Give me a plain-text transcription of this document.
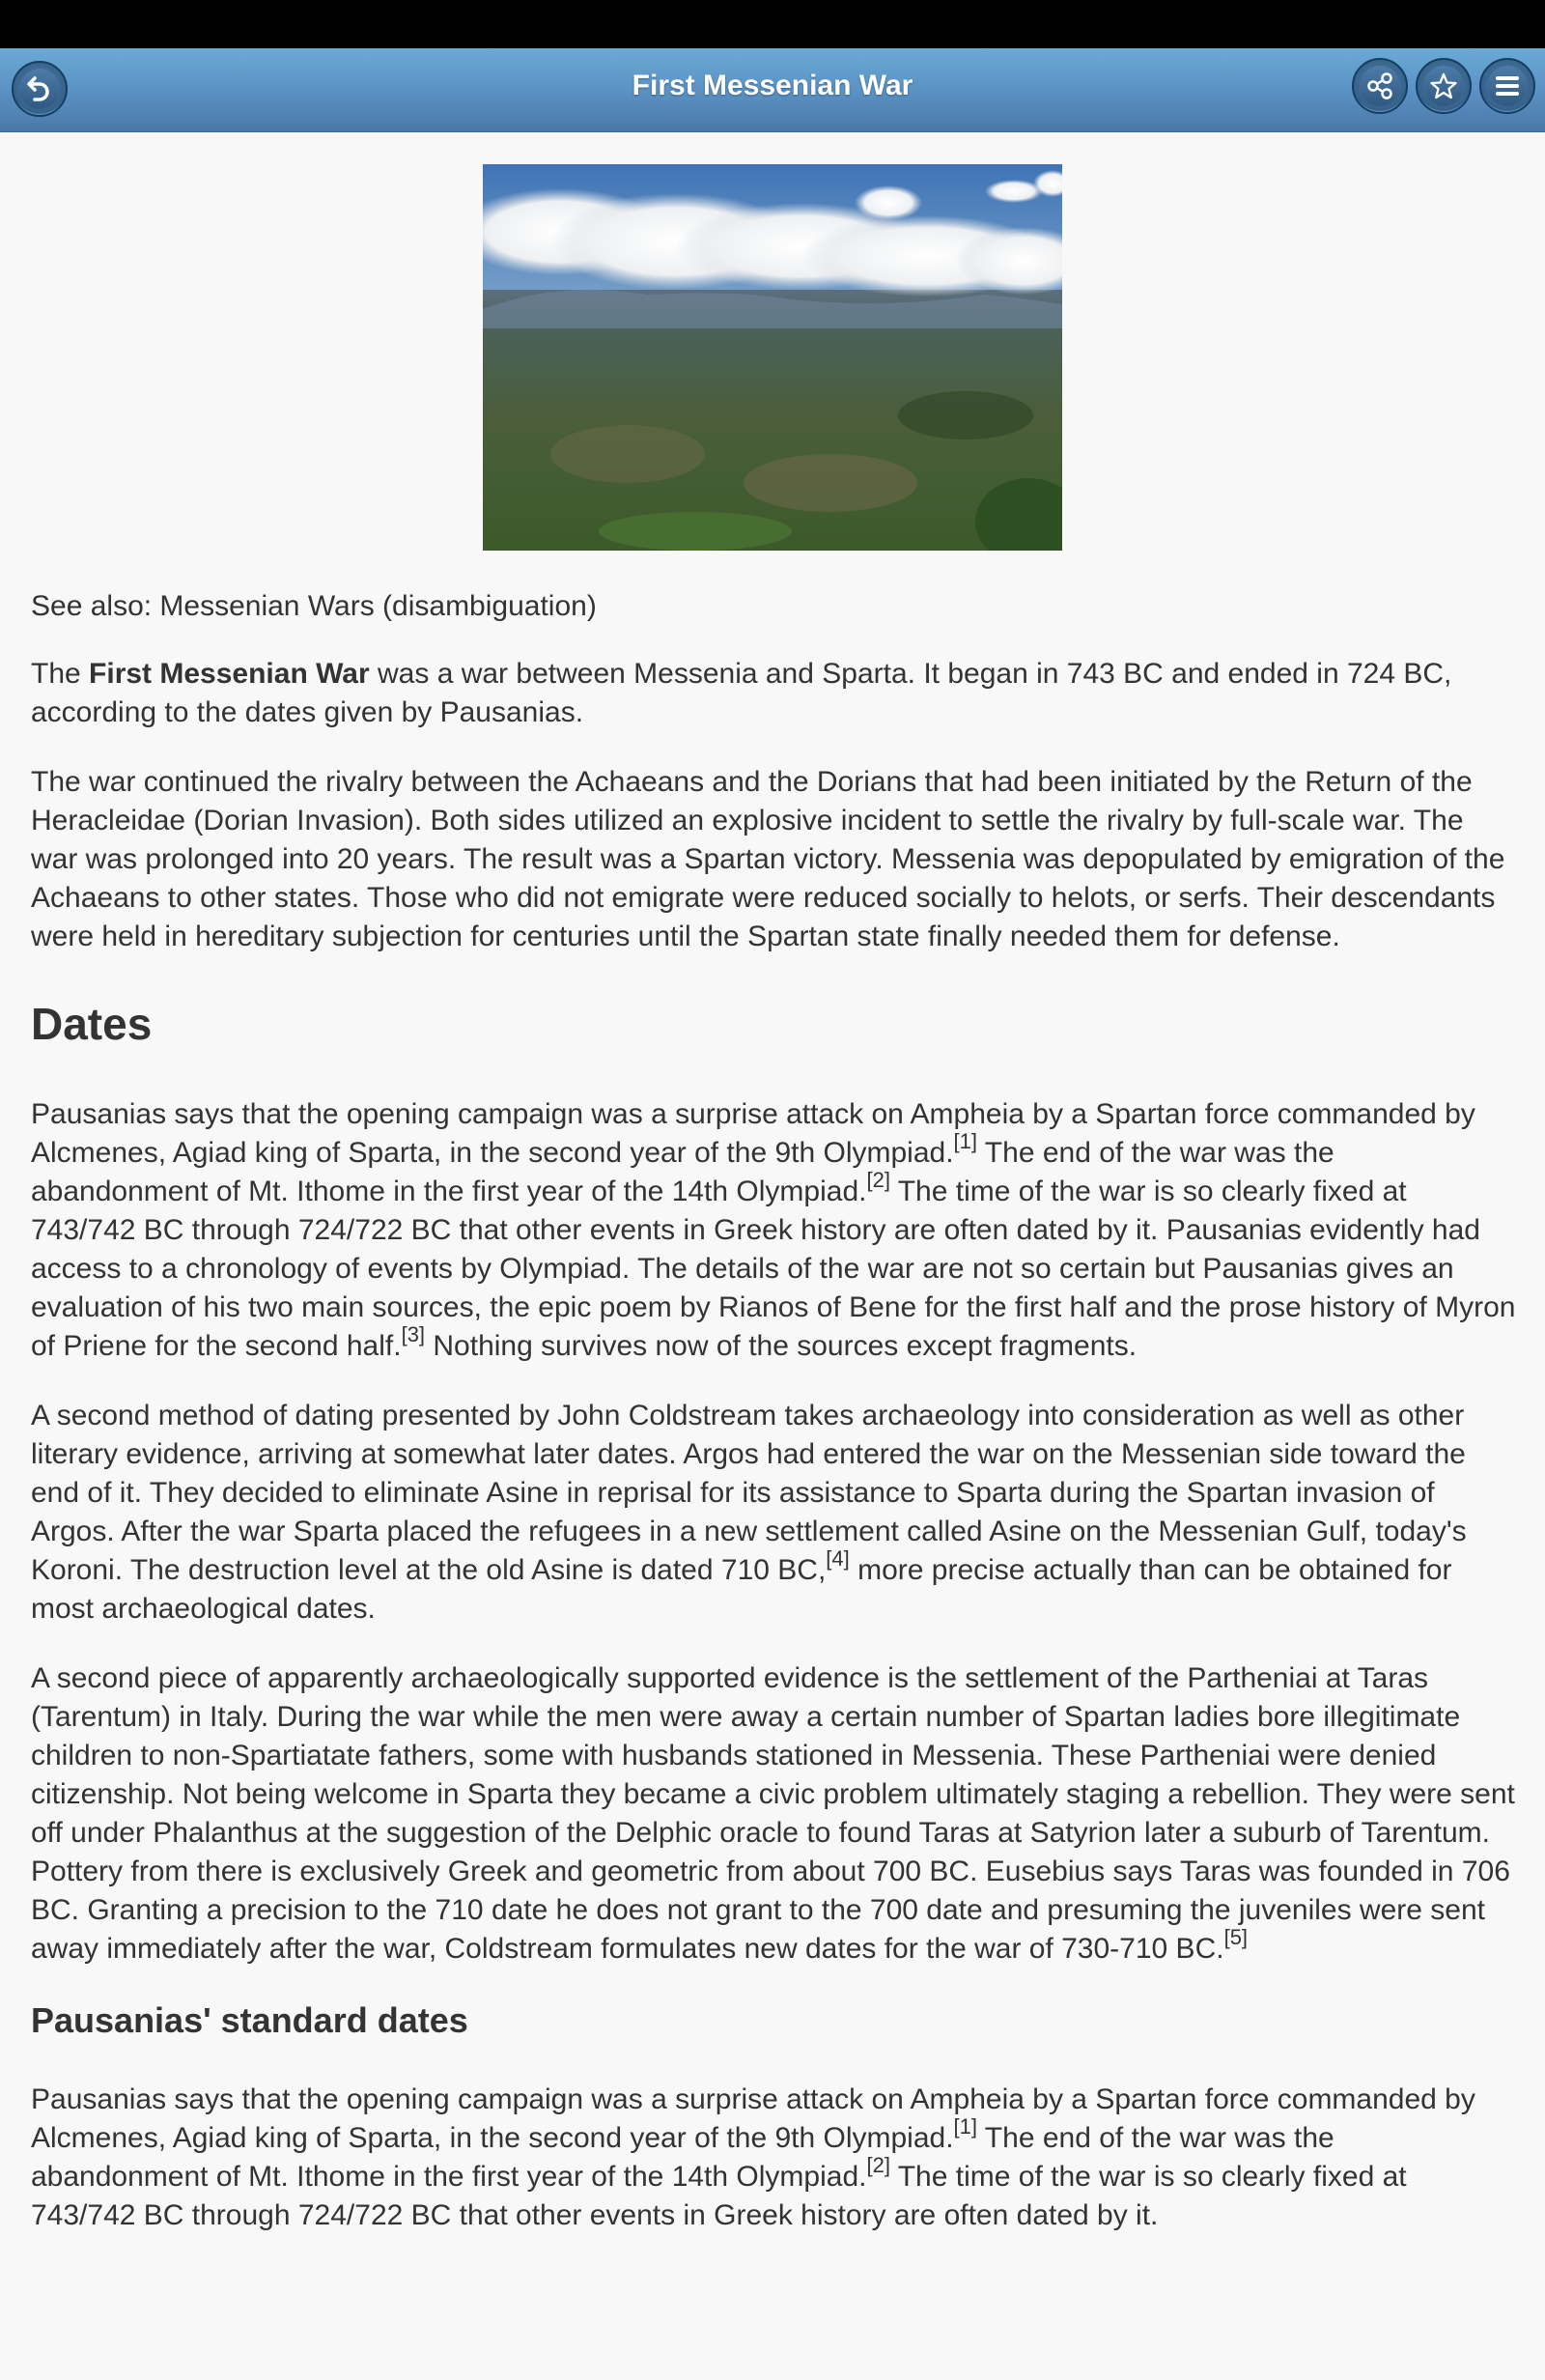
First Messenian War

See also: Messenian Wars (disambiguation)

The First Messenian War was a war between Messenia and Sparta. It began in 743 BC and ended in 724 BC, according to the dates given by Pausanias.

The war continued the rivalry between the Achaeans and the Dorians that had been initiated by the Return of the Heracleidae (Dorian Invasion). Both sides utilized an explosive incident to settle the rivalry by full-scale war. The war was prolonged into 20 years. The result was a Spartan victory. Messenia was depopulated by emigration of the Achaeans to other states. Those who did not emigrate were reduced socially to helots, or serfs. Their descendants were held in hereditary subjection for centuries until the Spartan state finally needed them for defense.

Dates

Pausanias says that the opening campaign was a surprise attack on Ampheia by a Spartan force commanded by Alcmenes, Agiad king of Sparta, in the second year of the 9th Olympiad.[1] The end of the war was the abandonment of Mt. Ithome in the first year of the 14th Olympiad.[2] The time of the war is so clearly fixed at 743/742 BC through 724/722 BC that other events in Greek history are often dated by it. Pausanias evidently had access to a chronology of events by Olympiad. The details of the war are not so certain but Pausanias gives an evaluation of his two main sources, the epic poem by Rianos of Bene for the first half and the prose history of Myron of Priene for the second half.[3] Nothing survives now of the sources except fragments.

A second method of dating presented by John Coldstream takes archaeology into consideration as well as other literary evidence, arriving at somewhat later dates. Argos had entered the war on the Messenian side toward the end of it. They decided to eliminate Asine in reprisal for its assistance to Sparta during the Spartan invasion of Argos. After the war Sparta placed the refugees in a new settlement called Asine on the Messenian Gulf, today's Koroni. The destruction level at the old Asine is dated 710 BC,[4] more precise actually than can be obtained for most archaeological dates.

A second piece of apparently archaeologically supported evidence is the settlement of the Partheniai at Taras (Tarentum) in Italy. During the war while the men were away a certain number of Spartan ladies bore illegitimate children to non-Spartiatate fathers, some with husbands stationed in Messenia. These Partheniai were denied citizenship. Not being welcome in Sparta they became a civic problem ultimately staging a rebellion. They were sent off under Phalanthus at the suggestion of the Delphic oracle to found Taras at Satyrion later a suburb of Tarentum. Pottery from there is exclusively Greek and geometric from about 700 BC. Eusebius says Taras was founded in 706 BC. Granting a precision to the 710 date he does not grant to the 700 date and presuming the juveniles were sent away immediately after the war, Coldstream formulates new dates for the war of 730-710 BC.[5]

Pausanias' standard dates

Pausanias says that the opening campaign was a surprise attack on Ampheia by a Spartan force commanded by Alcmenes, Agiad king of Sparta, in the second year of the 9th Olympiad.[1] The end of the war was the abandonment of Mt. Ithome in the first year of the 14th Olympiad.[2] The time of the war is so clearly fixed at 743/742 BC through 724/722 BC that other events in Greek history are often dated by it.
